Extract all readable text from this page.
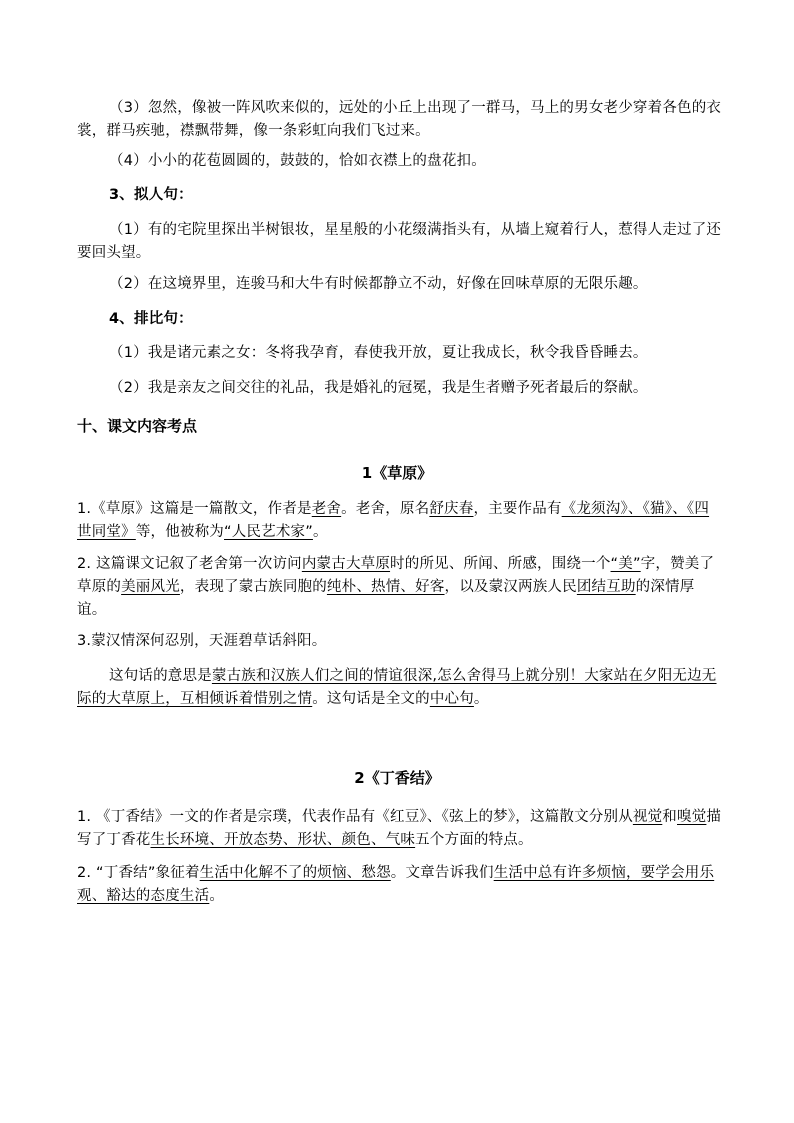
（3）忽然，像被一阵风吹来似的，远处的小丘上出现了一群马，马上的男女老少穿着各色的衣裳，群马疾驰，襟飘带舞，像一条彩虹向我们飞过来。

（4）小小的花苞圆圆的，鼓鼓的，恰如衣襟上的盘花扣。

3、拟人句：

（1）有的宅院里探出半树银妆，星星般的小花缀满指头有，从墙上窥着行人，惹得人走过了还要回头望。

（2）在这境界里，连骏马和大牛有时候都静立不动，好像在回味草原的无限乐趣。

4、排比句：

（1）我是诸元素之女：冬将我孕育，春使我开放，夏让我成长，秋令我昏昏睡去。

（2）我是亲友之间交往的礼品，我是婚礼的冠冕，我是生者赠予死者最后的祭献。

十、课文内容考点

1《草原》

1.《草原》这篇是一篇散文，作者是老舍。老舍，原名舒庆春，主要作品有《龙须沟》、《猫》、《四世同堂》等，他被称为“人民艺术家”。

2. 这篇课文记叙了老舍第一次访问内蒙古大草原时的所见、所闻、所感，围绕一个“美”字，赞美了草原的美丽风光，表现了蒙古族同胞的纯朴、热情、好客，以及蒙汉两族人民团结互助的深情厚谊。

3.蒙汉情深何忍别，天涯碧草话斜阳。

这句话的意思是蒙古族和汉族人们之间的情谊很深,怎么舍得马上就分别！大家站在夕阳无边无际的大草原上，互相倾诉着惜别之情。这句话是全文的中心句。

2《丁香结》

1. 《丁香结》一文的作者是宗璞，代表作品有《红豆》、《弦上的梦》，这篇散文分别从视觉和嗅觉描写了丁香花生长环境、开放态势、形状、颜色、气味五个方面的特点。

2. “丁香结”象征着生活中化解不了的烦恼、愁怨。文章告诉我们生活中总有许多烦恼，要学会用乐观、豁达的态度生活。
